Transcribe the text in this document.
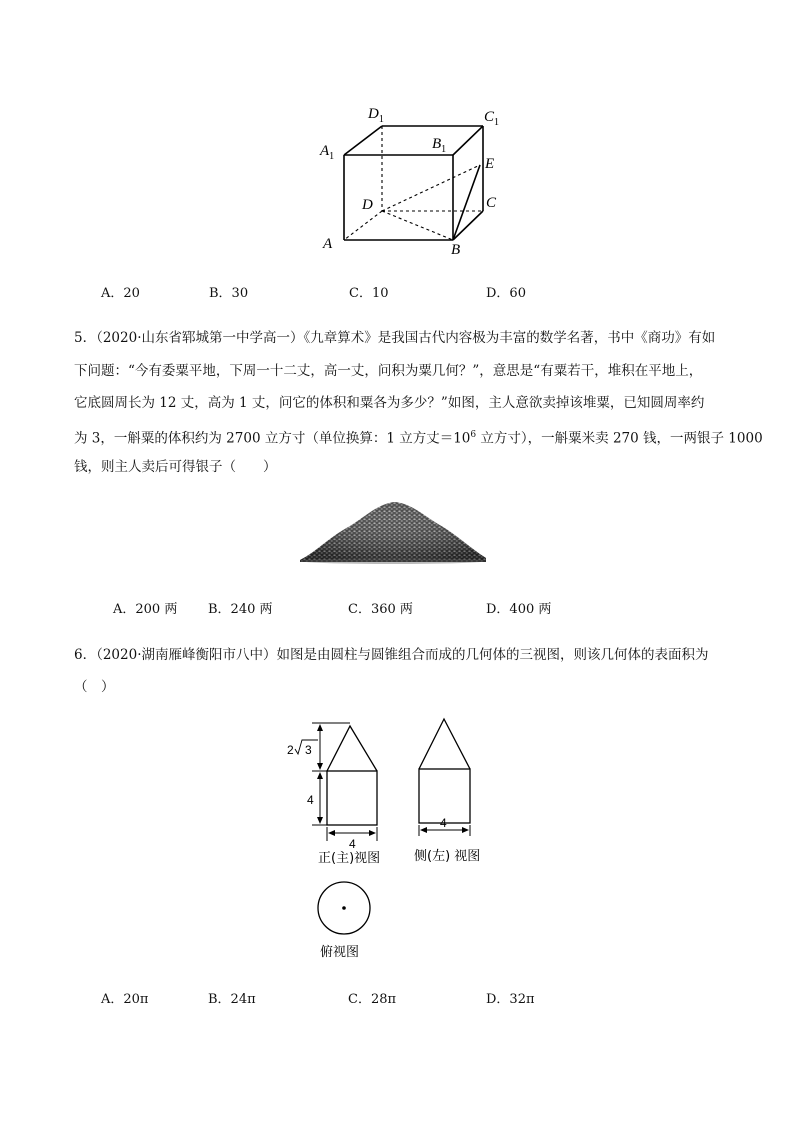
$A_1$
$D_1$	$C_1$
$B_1$
E
D	C
A	B
A．20	B．30	C．10	D．60
5．（2020·山东省郓城第一中学高一）《九章算术》是我国古代内容极为丰富的数学名著，书中《商功》有如
下问题：“今有委粟平地，下周一十二丈，高一丈，问积为粟几何？”，意思是“有粟若干，堆积在平地上，
它底圆周长为 12 丈，高为 1 丈，问它的体积和粟各为多少？”如图，主人意欲卖掉该堆粟，已知圆周率约
为 3，一斛粟的体积约为 2700 立方寸（单位换算：1 立方丈$=10^6$ 立方寸），一斛粟米卖 270 钱，一两银子 1000
钱，则主人卖后可得银子（　　）
A．200 两 B．240 两	C．360 两	D．400 两
6．（2020·湖南雁峰衡阳市八中）如图是由圆柱与圆锥组合而成的几何体的三视图，则该几何体的表面积为
（　）
2 3
4
4
正(主)视图
4
侧(左) 视图
俯视图
A．20π	B．24π	C．28π	D．32π
